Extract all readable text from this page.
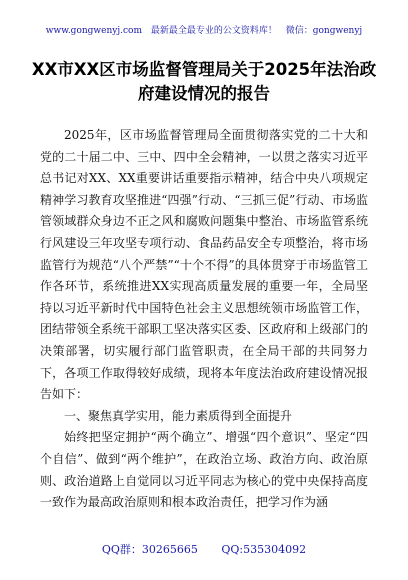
www.gongwenyj.com 最新最全最专业的公文资料库！ 微信：gongwenyj
XX市XX区市场监督管理局关于2025年法治政府建设情况的报告

2025年，区市场监督管理局全面贯彻落实党的二十大和党的二十届二中、三中、四中全会精神，一以贯之落实习近平总书记对XX、XX重要讲话重要指示精神，结合中央八项规定精神学习教育攻坚推进“四强”行动、“三抓三促”行动、市场监管领域群众身边不正之风和腐败问题集中整治、市场监管系统行风建设三年攻坚专项行动、食品药品安全专项整治，将市场监管行为规范“八个严禁”“十个不得”的具体贯穿于市场监管工作各环节，系统推进XX实现高质量发展的重要一年，全局坚持以习近平新时代中国特色社会主义思想统领市场监管工作，团结带领全系统干部职工坚决落实区委、区政府和上级部门的决策部署，切实履行部门监管职责，在全局干部的共同努力下，各项工作取得较好成绩，现将本年度法治政府建设情况报告如下：

一、聚焦真学实用，能力素质得到全面提升

始终把坚定拥护“两个确立”、增强“四个意识”、坚定“四个自信”、做到“两个维护”，在政治立场、政治方向、政治原则、政治道路上自觉同以习近平同志为核心的党中央保持高度一致作为最高政治原则和根本政治责任，把学习作为涵

QQ群：30265665 QQ:535304092
